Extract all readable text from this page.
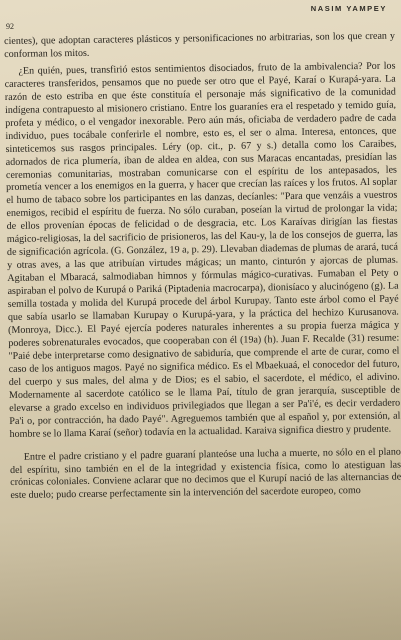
NASIM YAMPEY
92

cientes), que adoptan caracteres plásticos y personificaciones no arbitrarias, son los que crean y conforman los mitos.

¿En quién, pues, transfirió estos sentimientos disociados, fruto de la ambivalencia? Por los caracteres transferidos, pensamos que no puede ser otro que el Payé, Karaí o Kurapá-yara. La razón de esto estriba en que éste constituía el personaje más significativo de la comunidad indígena contrapuesto al misionero cristiano. Entre los guaraníes era el respetado y temido guía, profeta y médico, o el vengador inexorable. Pero aún más, oficiaba de verdadero padre de cada individuo, pues tocábale conferirle el nombre, esto es, el ser o alma. Interesa, entonces, que sinteticemos sus rasgos principales. Léry (op. cit., p. 67 y s.) detalla como los Caraibes, adornados de rica plumería, iban de aldea en aldea, con sus Maracas encantadas, presidían las ceremonias comunitarias, mostraban comunicarse con el espíritu de los antepasados, les prometía vencer a los enemigos en la guerra, y hacer que crecían las raíces y los frutos. Al soplar el humo de tabaco sobre los participantes en las danzas, decíanles: "Para que venzáis a vuestros enemigos, recibid el espíritu de fuerza. No sólo curaban, poseían la virtud de prolongar la vida; de ellos provenían épocas de felicidad o de desgracia, etc. Los Karaívas dirigían las fiestas mágico-religiosas, la del sacrificio de prisioneros, las del Kau-y, la de los consejos de guerra, las de significación agrícola. (G. González, 19 a, p. 29). Llevaban diademas de plumas de arará, tucá y otras aves, a las que atribuían virtudes mágicas; un manto, cinturón y ajorcas de plumas. Agitaban el Mbaracá, salmodiaban himnos y fórmulas mágico-curativas. Fumaban el Pety o aspiraban el polvo de Kurupá o Pariká (Piptadenia macrocarpa), dionisíaco y alucinógeno (g). La semilla tostada y molida del Kurupá procede del árbol Kurupay. Tanto este árbol como el Payé que sabía usarlo se llamaban Kurupay o Kurupá-yara, y la práctica del hechizo Kurusanova. (Monroya, Dicc.). El Payé ejercía poderes naturales inherentes a su propia fuerza mágica y poderes sobrenaturales evocados, que cooperaban con él (19a) (h). Juan F. Recalde (31) resume: "Paié debe interpretarse como designativo de sabiduría, que comprende el arte de curar, como el caso de los antiguos magos. Payé no significa médico. Es el Mbaekuaá, el conocedor del futuro, del cuerpo y sus males, del alma y de Dios; es el sabio, el sacerdote, el médico, el adivino. Modernamente al sacerdote católico se le llama Paí, título de gran jerarquía, susceptible de elevarse a grado excelso en individuos privilegiados que llegan a ser Pa'i'é, es decir verdadero Pa'i o, por contracción, ha dado Payé". Agreguemos también que al español y, por extensión, al hombre se lo llama Karaí (señor) todavía en la actualidad. Karaiva significa diestro y prudente.

Entre el padre cristiano y el padre guaraní planteóse una lucha a muerte, no sólo en el plano del espíritu, sino también en el de la integridad y existencia física, como lo atestiguan las crónicas coloniales. Conviene aclarar que no decimos que el Kurupí nació de las alternancias de este duelo; pudo crearse perfectamente sin la intervención del sacerdote europeo, como
